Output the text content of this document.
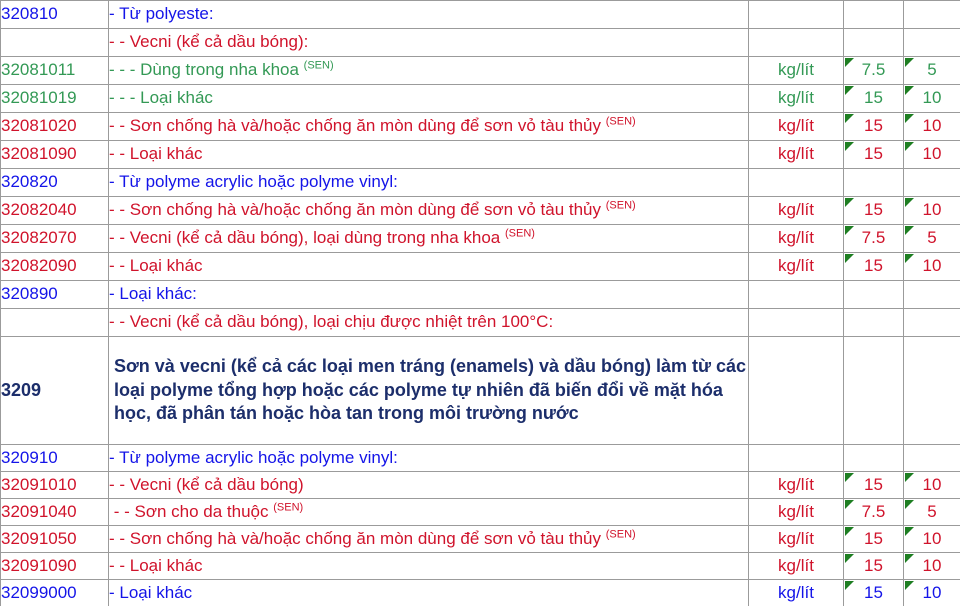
320810	- Từ polyeste:			
	- - Vecni (kể cả dầu bóng):			
32081011	- - - Dùng trong nha khoa $^{(SEN)}$	kg/lít	7.5	5
32081019	- - - Loại khác	kg/lít	15	10
32081020	- - Sơn chống hà và/hoặc chống ăn mòn dùng để sơn vỏ tàu thủy $^{(SEN)}$	kg/lít	15	10
32081090	- - Loại khác	kg/lít	15	10
320820	- Từ polyme acrylic hoặc polyme vinyl:			
32082040	- - Sơn chống hà và/hoặc chống ăn mòn dùng để sơn vỏ tàu thủy $^{(SEN)}$	kg/lít	15	10
32082070	- - Vecni (kể cả dầu bóng), loại dùng trong nha khoa $^{(SEN)}$	kg/lít	7.5	5
32082090	- - Loại khác	kg/lít	15	10
320890	- Loại khác:			
	- - Vecni (kể cả dầu bóng), loại chịu được nhiệt trên 100°C:			
3209	Sơn và vecni (kể cả các loại men tráng (enamels) và dầu bóng) làm từ các loại polyme tổng hợp hoặc các polyme tự nhiên đã biến đổi về mặt hóa học, đã phân tán hoặc hòa tan trong môi trường nước			
320910	- Từ polyme acrylic hoặc polyme vinyl:			
32091010	- - Vecni (kể cả dầu bóng)	kg/lít	15	10
32091040	- - Sơn cho da thuộc $^{(SEN)}$	kg/lít	7.5	5
32091050	- - Sơn chống hà và/hoặc chống ăn mòn dùng để sơn vỏ tàu thủy $^{(SEN)}$	kg/lít	15	10
32091090	- - Loại khác	kg/lít	15	10
32099000	- Loại khác	kg/lít	15	10
